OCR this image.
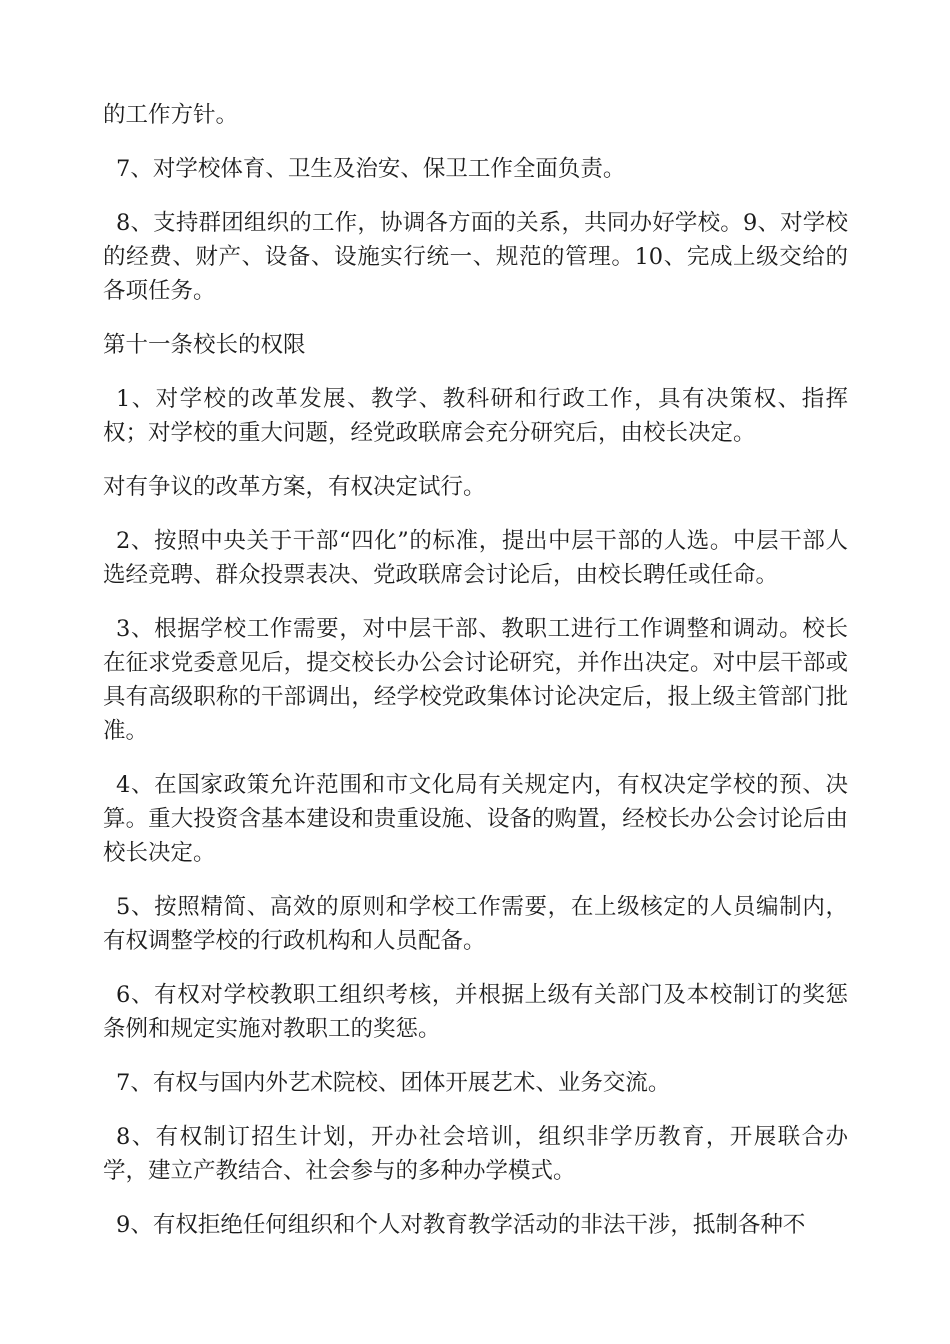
的工作方针。

7、对学校体育、卫生及治安、保卫工作全面负责。

8、支持群团组织的工作，协调各方面的关系，共同办好学校。9、对学校的经费、财产、设备、设施实行统一、规范的管理。10、完成上级交给的各项任务。

第十一条校长的权限

1、对学校的改革发展、教学、教科研和行政工作，具有决策权、指挥权；对学校的重大问题，经党政联席会充分研究后，由校长决定。

对有争议的改革方案，有权决定试行。

2、按照中央关于干部“四化”的标准，提出中层干部的人选。中层干部人选经竞聘、群众投票表决、党政联席会讨论后，由校长聘任或任命。

3、根据学校工作需要，对中层干部、教职工进行工作调整和调动。校长在征求党委意见后，提交校长办公会讨论研究，并作出决定。对中层干部或具有高级职称的干部调出，经学校党政集体讨论决定后，报上级主管部门批准。

4、在国家政策允许范围和市文化局有关规定内，有权决定学校的预、决算。重大投资含基本建设和贵重设施、设备的购置，经校长办公会讨论后由校长决定。

5、按照精简、高效的原则和学校工作需要，在上级核定的人员编制内，有权调整学校的行政机构和人员配备。

6、有权对学校教职工组织考核，并根据上级有关部门及本校制订的奖惩条例和规定实施对教职工的奖惩。

7、有权与国内外艺术院校、团体开展艺术、业务交流。

8、有权制订招生计划，开办社会培训，组织非学历教育，开展联合办学，建立产教结合、社会参与的多种办学模式。

9、有权拒绝任何组织和个人对教育教学活动的非法干涉，抵制各种不
